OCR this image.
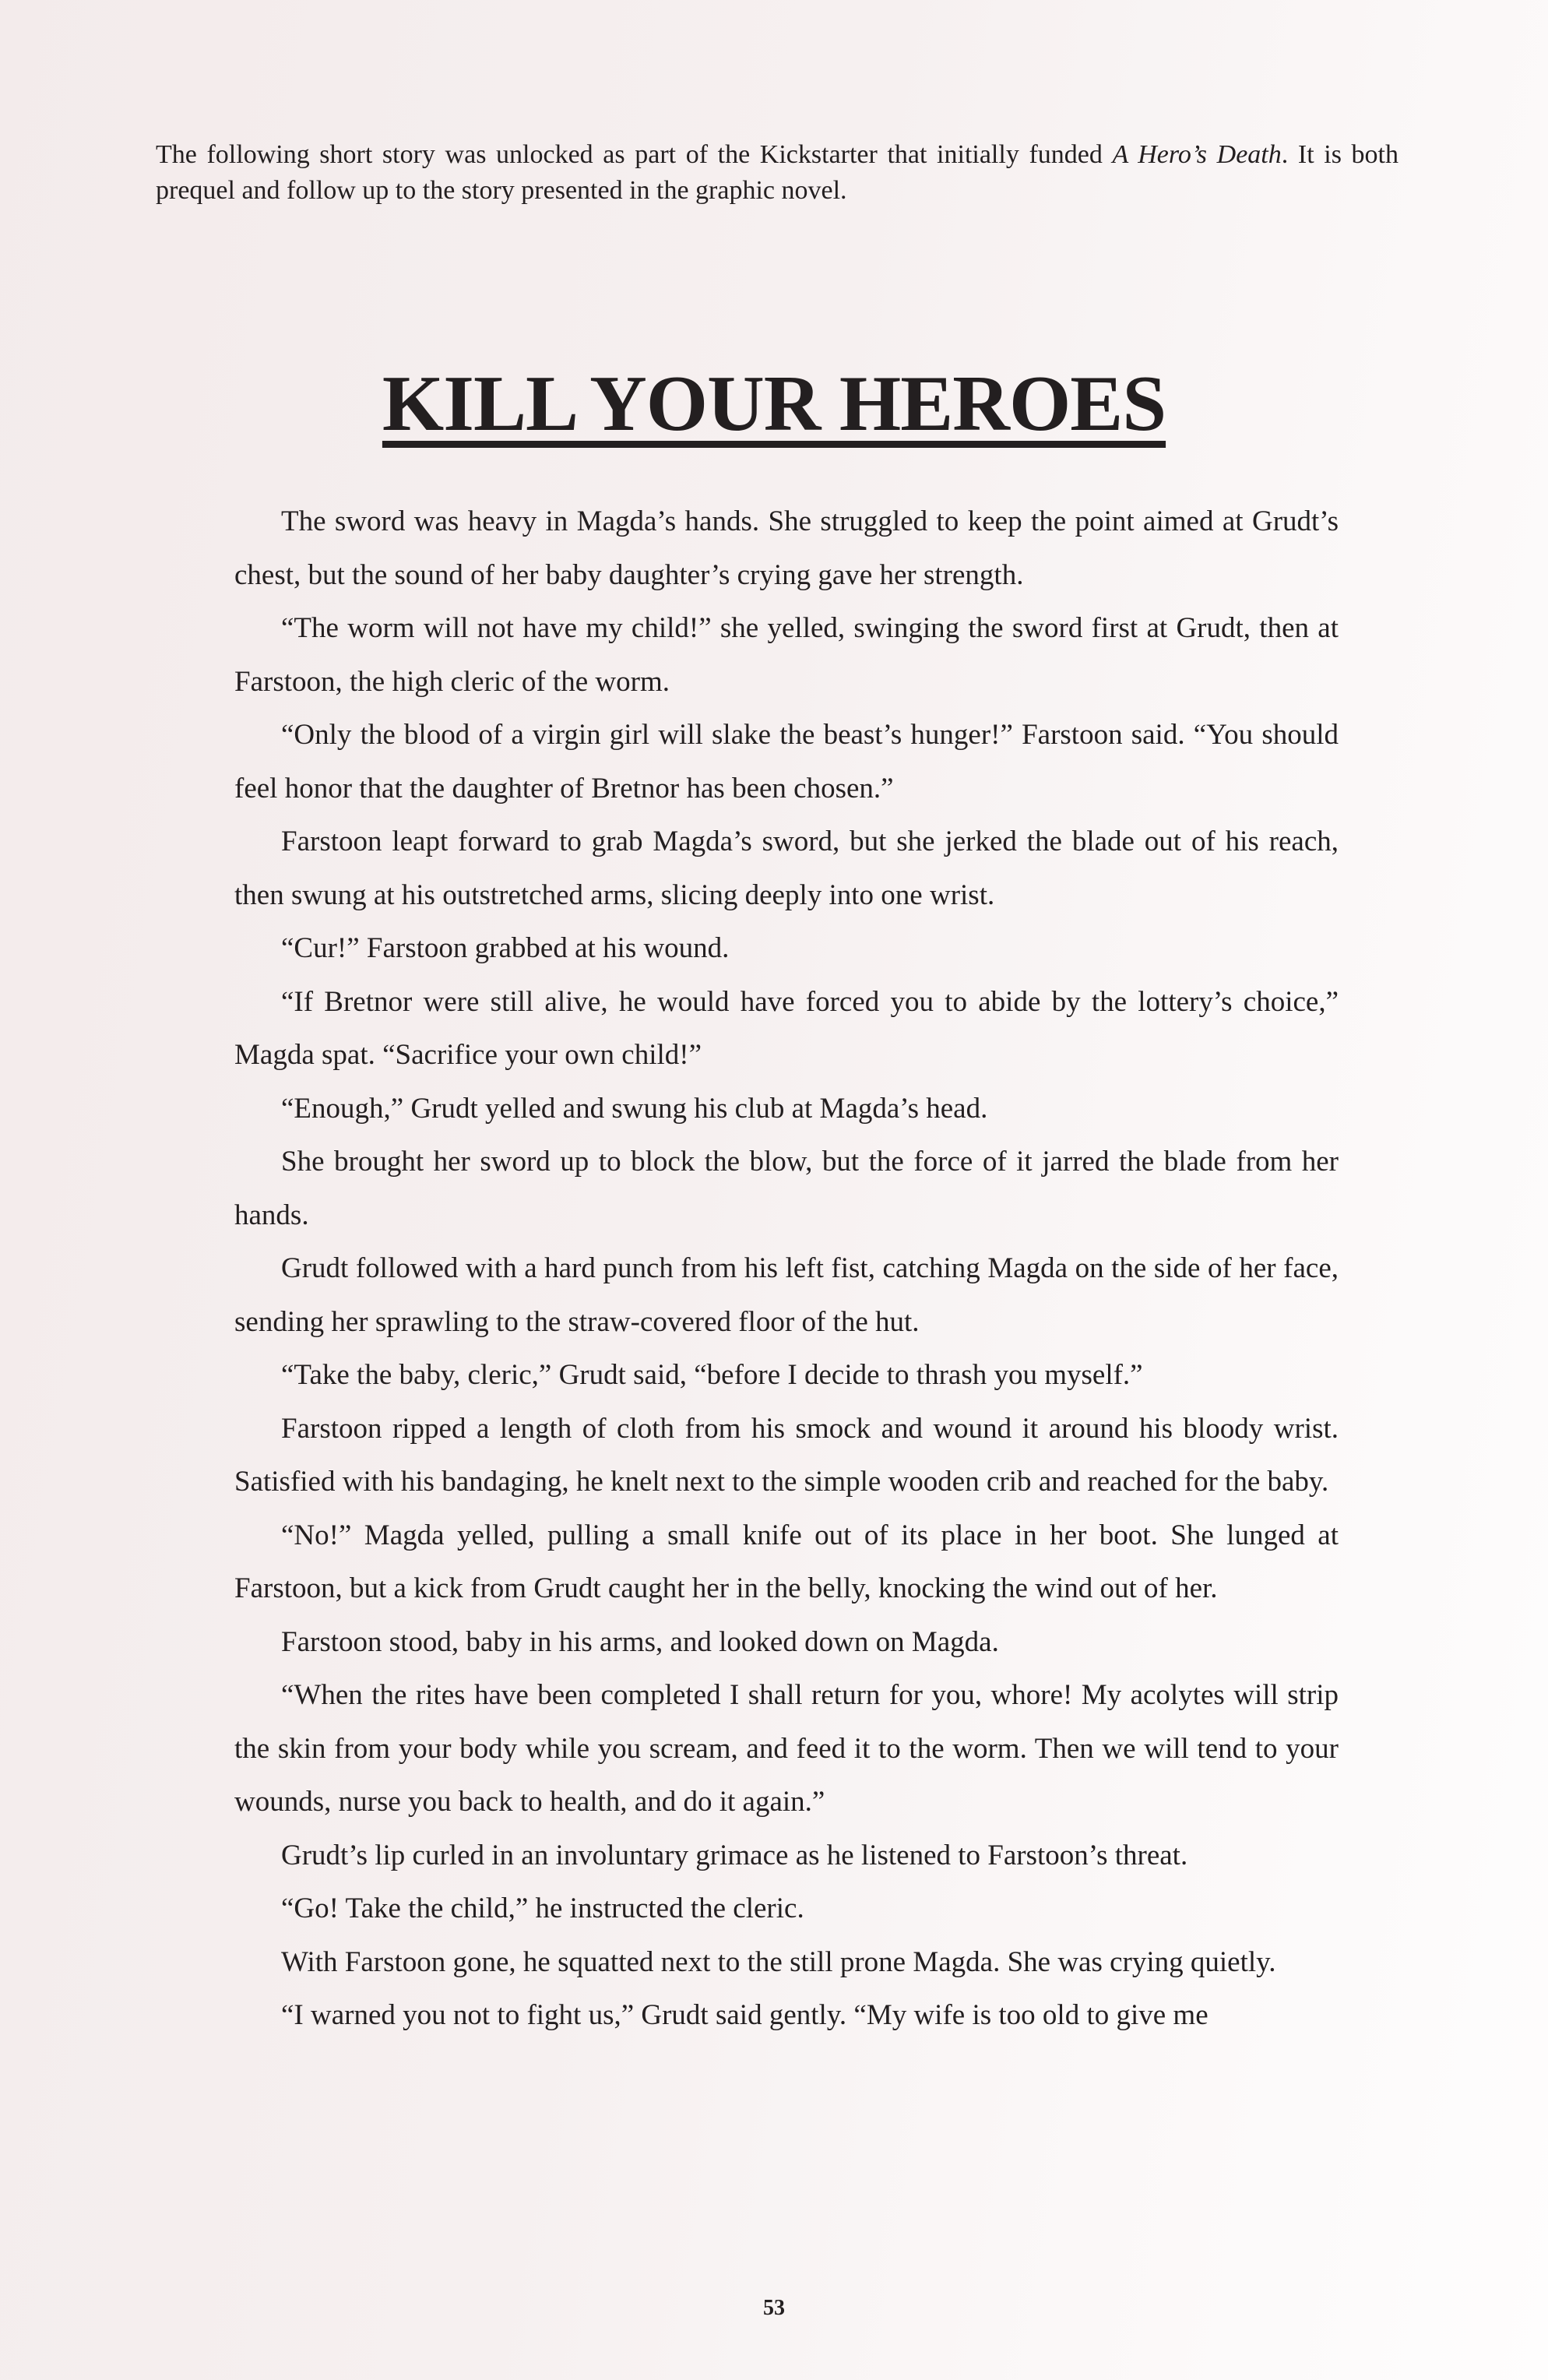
The following short story was unlocked as part of the Kickstarter that initially funded A Hero’s Death. It is both prequel and follow up to the story presented in the graphic novel.

KILL YOUR HEROES

The sword was heavy in Magda’s hands. She struggled to keep the point aimed at Grudt’s chest, but the sound of her baby daughter’s crying gave her strength.

“The worm will not have my child!” she yelled, swinging the sword first at Grudt, then at Farstoon, the high cleric of the worm.

“Only the blood of a virgin girl will slake the beast’s hunger!” Farstoon said. “You should feel honor that the daughter of Bretnor has been chosen.”

Farstoon leapt forward to grab Magda’s sword, but she jerked the blade out of his reach, then swung at his outstretched arms, slicing deeply into one wrist.

“Cur!” Farstoon grabbed at his wound.

“If Bretnor were still alive, he would have forced you to abide by the lottery’s choice,” Magda spat. “Sacrifice your own child!”

“Enough,” Grudt yelled and swung his club at Magda’s head.

She brought her sword up to block the blow, but the force of it jarred the blade from her hands.

Grudt followed with a hard punch from his left fist, catching Magda on the side of her face, sending her sprawling to the straw-covered floor of the hut.

“Take the baby, cleric,” Grudt said, “before I decide to thrash you myself.”

Farstoon ripped a length of cloth from his smock and wound it around his bloody wrist. Satisfied with his bandaging, he knelt next to the simple wooden crib and reached for the baby.

“No!” Magda yelled, pulling a small knife out of its place in her boot. She lunged at Farstoon, but a kick from Grudt caught her in the belly, knocking the wind out of her.

Farstoon stood, baby in his arms, and looked down on Magda.

“When the rites have been completed I shall return for you, whore! My acolytes will strip the skin from your body while you scream, and feed it to the worm. Then we will tend to your wounds, nurse you back to health, and do it again.”

Grudt’s lip curled in an involuntary grimace as he listened to Farstoon’s threat.

“Go! Take the child,” he instructed the cleric.

With Farstoon gone, he squatted next to the still prone Magda. She was crying quietly.

“I warned you not to fight us,” Grudt said gently. “My wife is too old to give me

53
